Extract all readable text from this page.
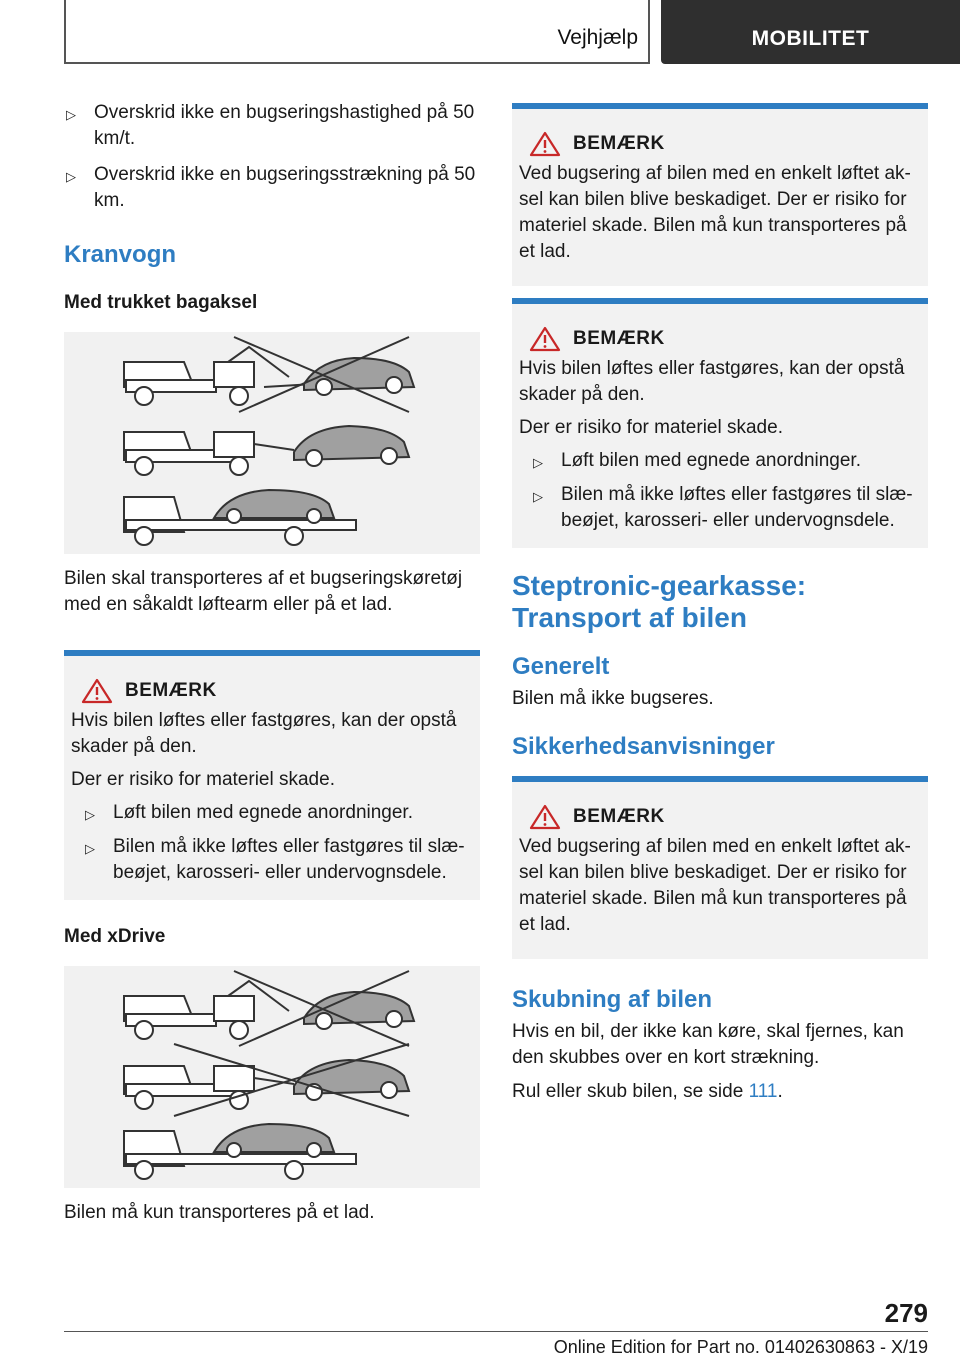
Vejhjælp	MOBILITET
▷ Overskrid ikke en bugseringshastighed på 50 km/t.
▷ Overskrid ikke en bugseringsstrækning på 50 km.
Kranvogn
Med trukket bagaksel
Bilen skal transporteres af et bugseringskøretøj med en såkaldt løftearm eller på et lad.
BEMÆRK
Hvis bilen løftes eller fastgøres, kan der opstå skader på den.
Der er risiko for materiel skade.
▷ Løft bilen med egnede anordninger.
▷ Bilen må ikke løftes eller fastgøres til slæ‐beøjet, karosseri- eller undervognsdele.
Med xDrive
Bilen må kun transporteres på et lad.
BEMÆRK
Ved bugsering af bilen med en enkelt løftet ak‐sel kan bilen blive beskadiget. Der er risiko for materiel skade. Bilen må kun transporteres på et lad.
BEMÆRK
Hvis bilen løftes eller fastgøres, kan der opstå skader på den.
Der er risiko for materiel skade.
▷ Løft bilen med egnede anordninger.
▷ Bilen må ikke løftes eller fastgøres til slæ‐beøjet, karosseri- eller undervognsdele.
Steptronic-gearkasse: Transport af bilen
Generelt
Bilen må ikke bugseres.
Sikkerhedsanvisninger
BEMÆRK
Ved bugsering af bilen med en enkelt løftet ak‐sel kan bilen blive beskadiget. Der er risiko for materiel skade. Bilen må kun transporteres på et lad.
Skubning af bilen
Hvis en bil, der ikke kan køre, skal fjernes, kan den skubbes over en kort strækning.
Rul eller skub bilen, se side 111.
279
Online Edition for Part no. 01402630863 - X/19
